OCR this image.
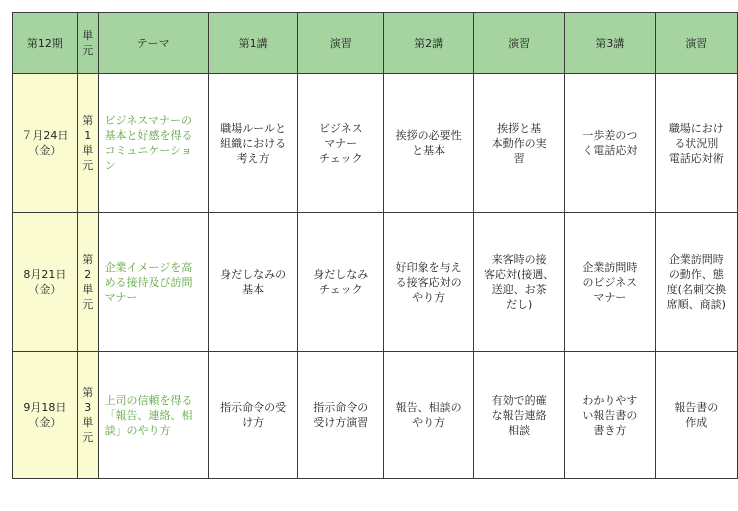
第12期	単元	テーマ	第1講	演習	第2講	演習	第3講	演習

７月24日
（金）	第
1
単
元	ビジネスマナーの基本と好感を得るコミュニケーション	職場ルールと
組織における
考え方	ビジネス
マナー
チェック	挨拶の必要性
と基本	挨拶と基
本動作の実
習	一歩差のつ
く電話応対	職場におけ
る状況別
電話応対術

8月21日
（金）	第
2
単
元	企業イメージを高める接待及び訪問マナー	身だしなみの
基本	身だしなみ
チェック	好印象を与え
る接客応対の
やり方	来客時の接
客応対(接遇、
送迎、お茶
だし)	企業訪問時
のビジネス
マナー	企業訪問時
の動作、態
度(名刺交換
席順、商談)

9月18日
（金）	第
3
単
元	上司の信頼を得る「報告、連絡、相談」のやり方	指示命令の受
け方	指示命令の
受け方演習	報告、相談の
やり方	有効で的確
な報告連絡
相談	わかりやす
い報告書の
書き方	報告書の
作成
